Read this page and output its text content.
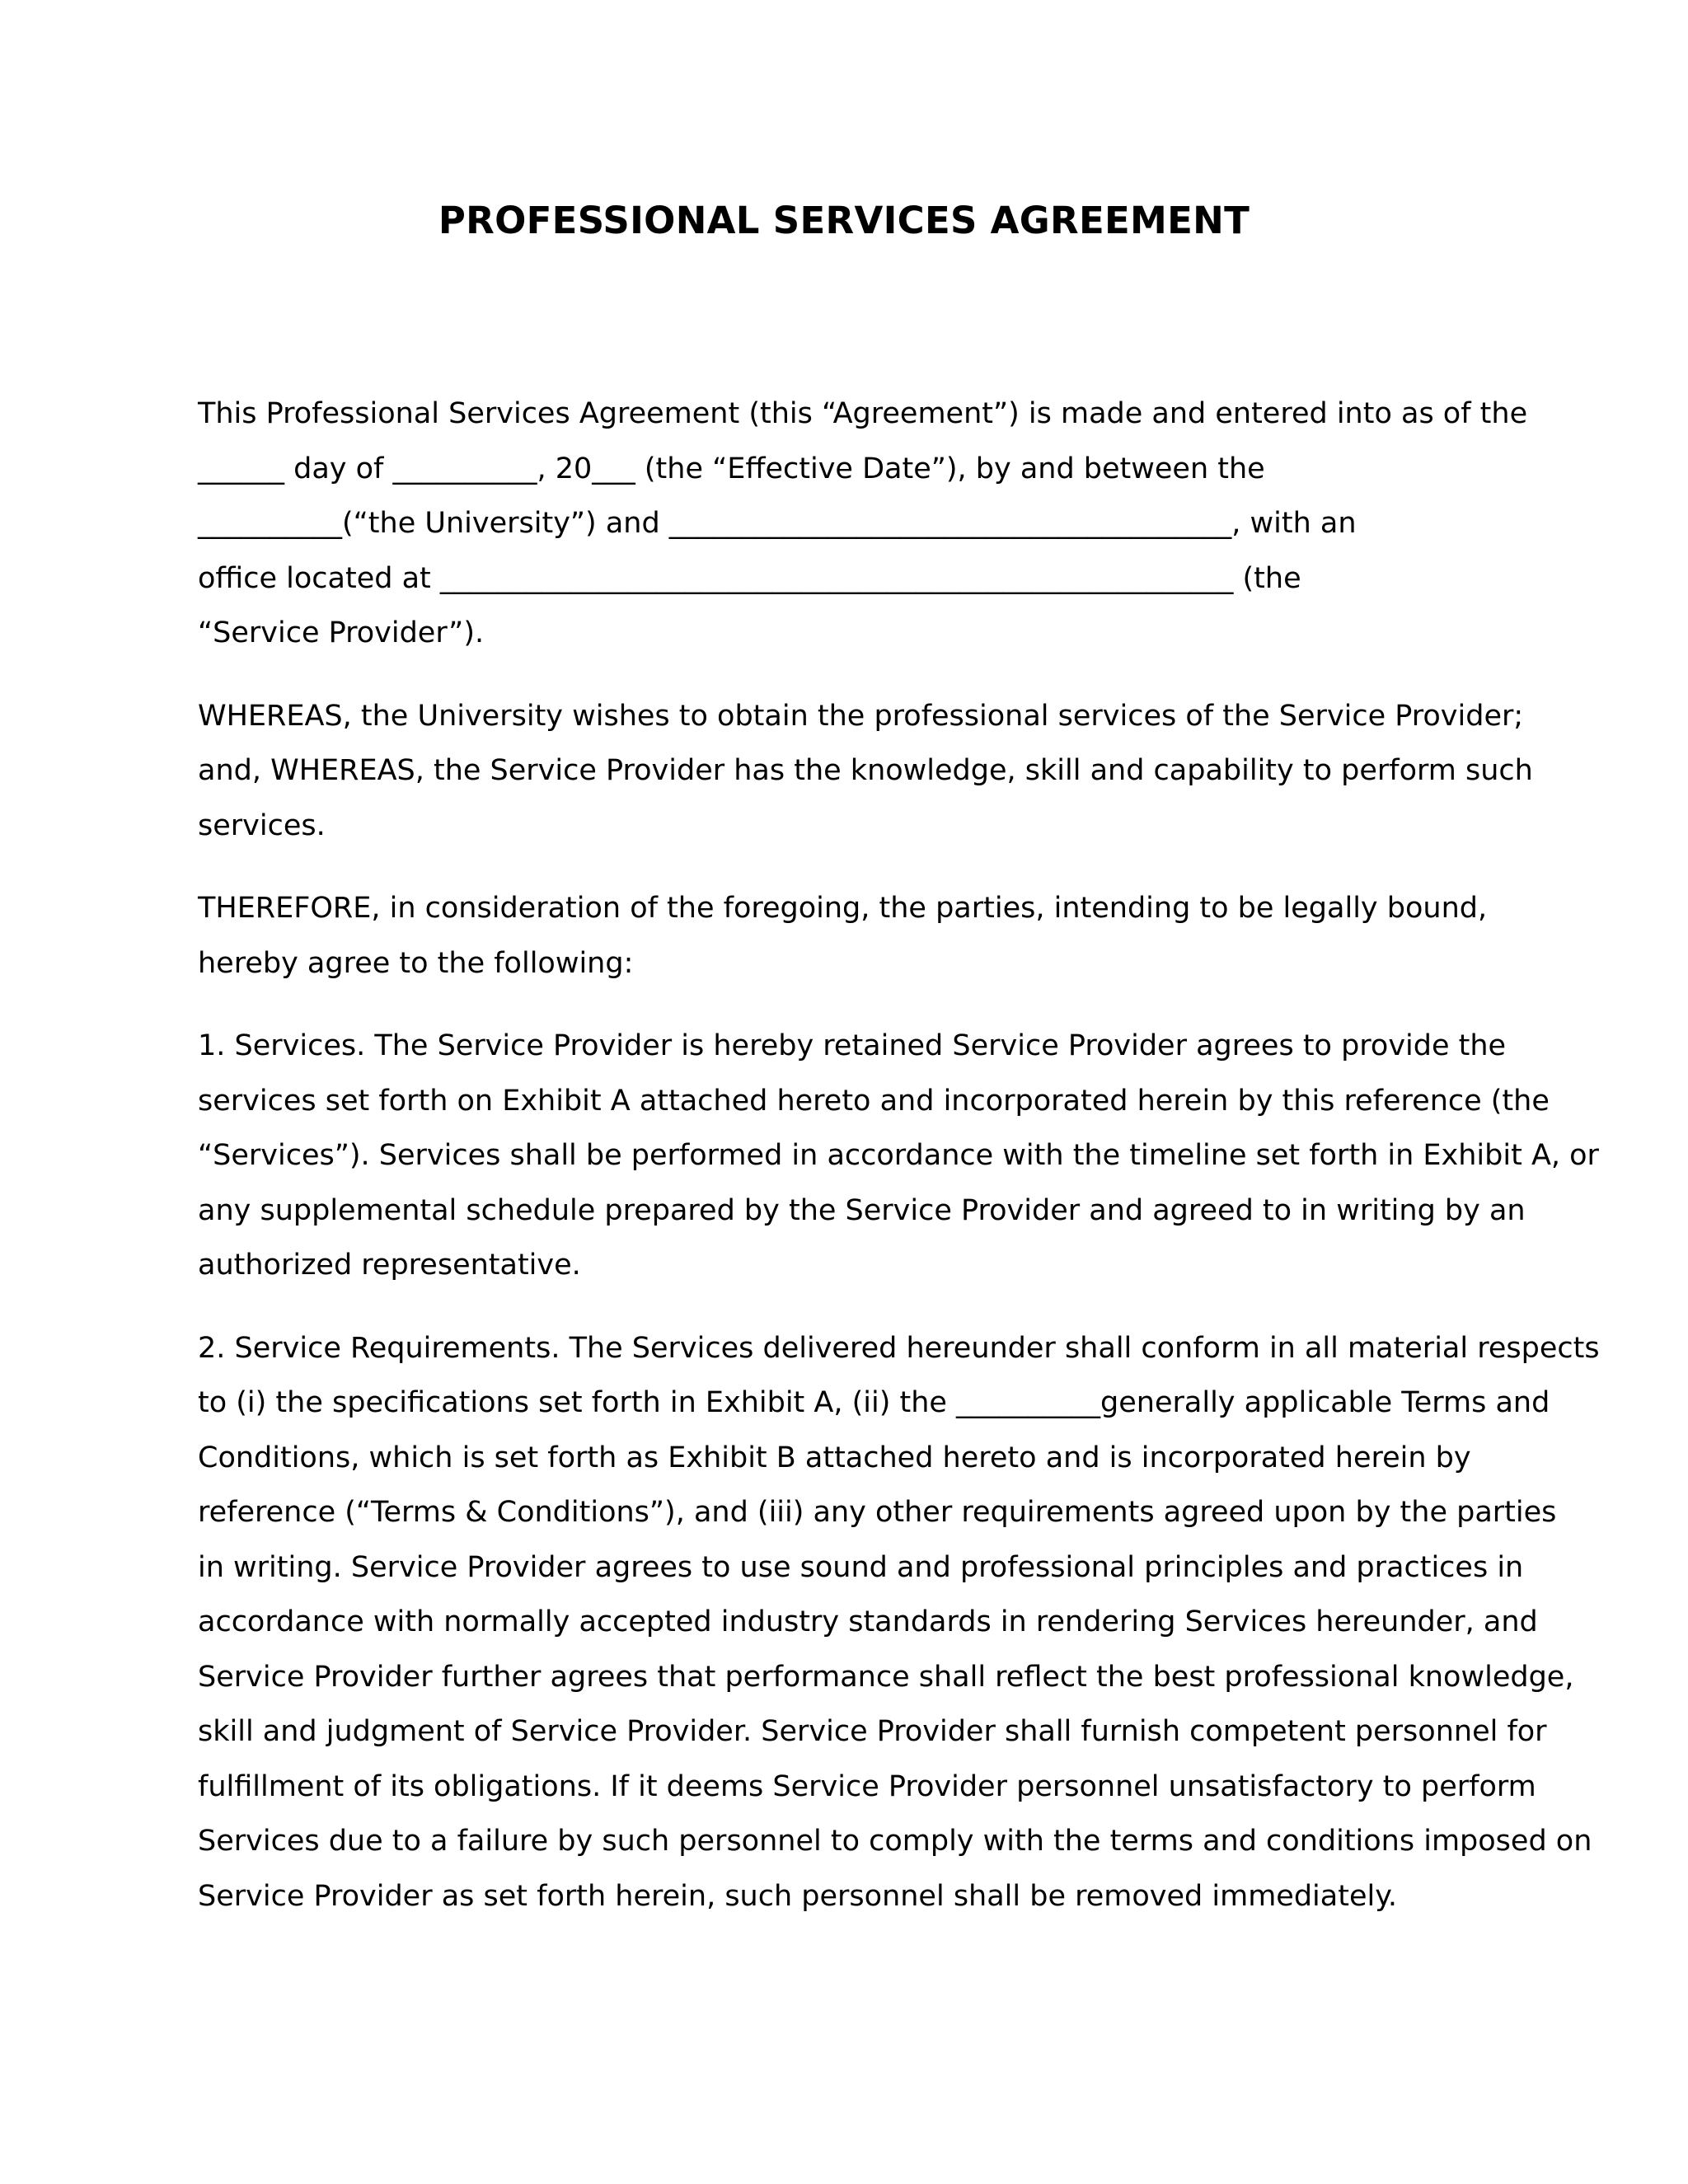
PROFESSIONAL SERVICES AGREEMENT

This Professional Services Agreement (this “Agreement”) is made and entered into as of the
______ day of __________, 20___ (the “Effective Date”), by and between the
__________(“the University”) and _______________________________________, with an
office located at _______________________________________________________ (the
“Service Provider”).

WHEREAS, the University wishes to obtain the professional services of the Service Provider;
and, WHEREAS, the Service Provider has the knowledge, skill and capability to perform such
services.

THEREFORE, in consideration of the foregoing, the parties, intending to be legally bound,
hereby agree to the following:

1. Services. The Service Provider is hereby retained Service Provider agrees to provide the
services set forth on Exhibit A attached hereto and incorporated herein by this reference (the
“Services”). Services shall be performed in accordance with the timeline set forth in Exhibit A, or
any supplemental schedule prepared by the Service Provider and agreed to in writing by an
authorized representative.

2. Service Requirements. The Services delivered hereunder shall conform in all material respects
to (i) the specifications set forth in Exhibit A, (ii) the __________generally applicable Terms and
Conditions, which is set forth as Exhibit B attached hereto and is incorporated herein by
reference (“Terms & Conditions”), and (iii) any other requirements agreed upon by the parties
in writing. Service Provider agrees to use sound and professional principles and practices in
accordance with normally accepted industry standards in rendering Services hereunder, and
Service Provider further agrees that performance shall reflect the best professional knowledge,
skill and judgment of Service Provider. Service Provider shall furnish competent personnel for
fulfillment of its obligations. If it deems Service Provider personnel unsatisfactory to perform
Services due to a failure by such personnel to comply with the terms and conditions imposed on
Service Provider as set forth herein, such personnel shall be removed immediately.
